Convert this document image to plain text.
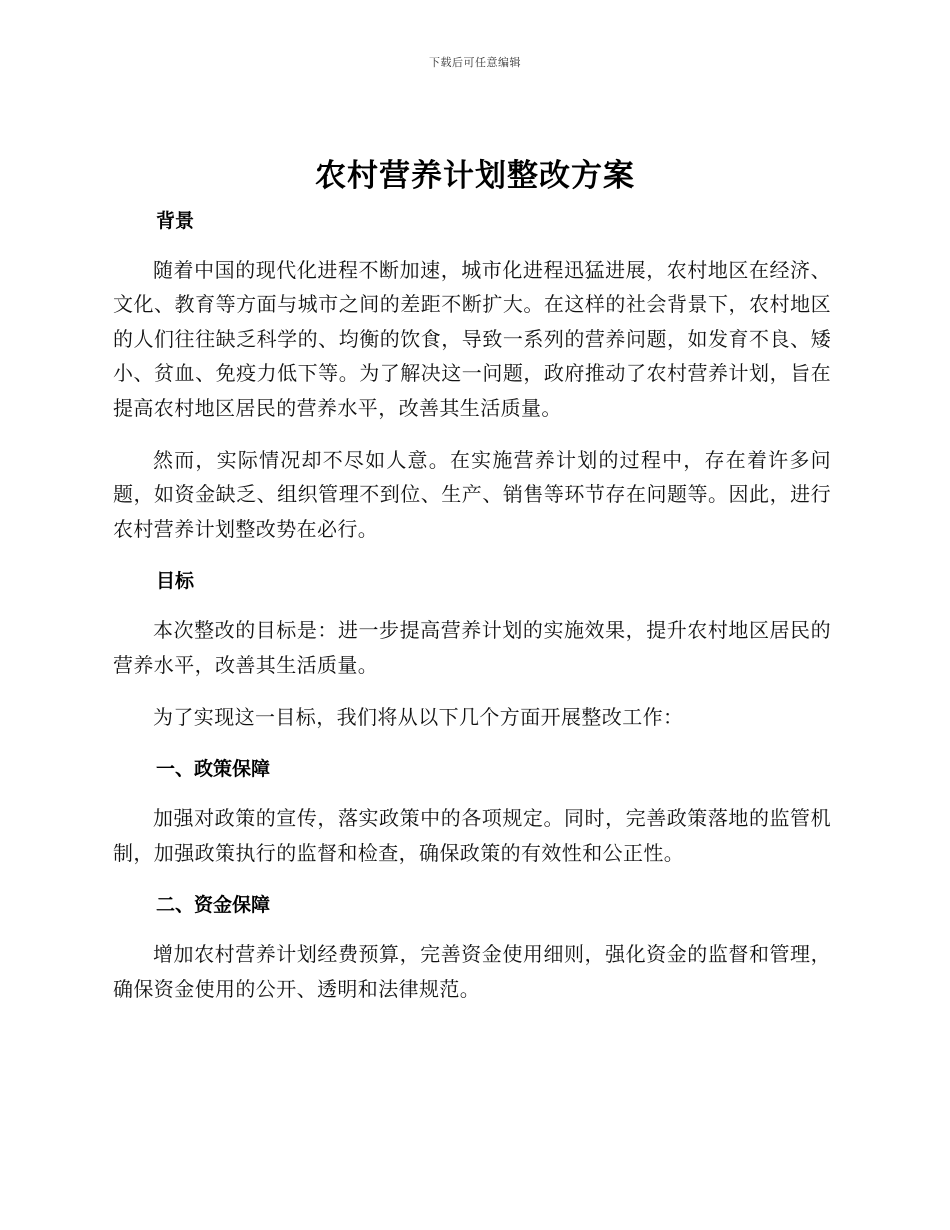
下载后可任意编辑
农村营养计划整改方案
背景

随着中国的现代化进程不断加速，城市化进程迅猛进展，农村地区在经济、文化、教育等方面与城市之间的差距不断扩大。在这样的社会背景下，农村地区的人们往往缺乏科学的、均衡的饮食，导致一系列的营养问题，如发育不良、矮小、贫血、免疫力低下等。为了解决这一问题，政府推动了农村营养计划，旨在提高农村地区居民的营养水平，改善其生活质量。

然而，实际情况却不尽如人意。在实施营养计划的过程中，存在着许多问题，如资金缺乏、组织管理不到位、生产、销售等环节存在问题等。因此，进行农村营养计划整改势在必行。

目标

本次整改的目标是：进一步提高营养计划的实施效果，提升农村地区居民的营养水平，改善其生活质量。

为了实现这一目标，我们将从以下几个方面开展整改工作：

一、政策保障

加强对政策的宣传，落实政策中的各项规定。同时，完善政策落地的监管机制，加强政策执行的监督和检查，确保政策的有效性和公正性。

二、资金保障

增加农村营养计划经费预算，完善资金使用细则，强化资金的监督和管理，确保资金使用的公开、透明和法律规范。
